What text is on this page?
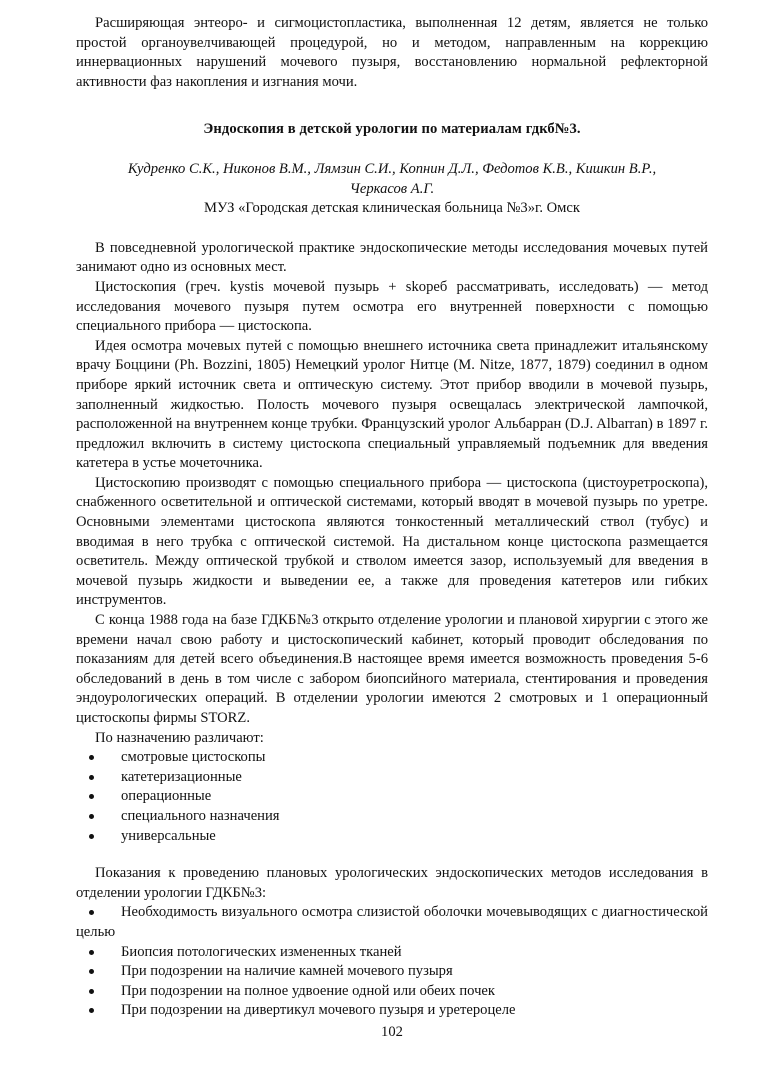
Расширяющая энтеоро- и сигмоцистопластика, выполненная 12 детям, является не только простой органоувелчивающей процедурой, но и методом, направленным на коррекцию иннервационных нарушений мочевого пузыря, восстановлению нормальной рефлекторной активности фаз накопления и изгнания мочи.

Эндоскопия в детской урологии по материалам гдкб№3.
Кудренко С.К., Никонов В.М., Лямзин С.И., Копнин Д.Л., Федотов К.В., Кишкин В.Р.,
Черкасов А.Г.
МУЗ «Городская детская клиническая больница №3»г. Омск

В повседневной урологической практике эндоскопические методы исследования мочевых путей занимают одно из основных мест.

Цистоскопия (греч. kystis мочевой пузырь + skopeб рассматривать, исследовать) — метод исследования мочевого пузыря путем осмотра его внутренней поверхности с помощью специального прибора — цистоскопа.

Идея осмотра мочевых путей с помощью внешнего источника света принадлежит итальянскому врачу Боццини (Ph. Bozzini, 1805) Немецкий уролог Нитце (M. Nitze, 1877, 1879) соединил в одном приборе яркий источник света и оптическую систему. Этот прибор вводили в мочевой пузырь, заполненный жидкостью. Полость мочевого пузыря освещалась электрической лампочкой, расположенной на внутреннем конце трубки. Французский уролог Альбарран (D.J. Albarran) в 1897 г. предложил включить в систему цистоскопа специальный управляемый подъемник для введения катетера в устье мочеточника.

Цистоскопию производят с помощью специального прибора — цистоскопа (цистоуретроскопа), снабженного осветительной и оптической системами, который вводят в мочевой пузырь по уретре. Основными элементами цистоскопа являются тонкостенный металлический ствол (тубус) и вводимая в него трубка с оптической системой. На дистальном конце цистоскопа размещается осветитель. Между оптической трубкой и стволом имеется зазор, используемый для введения в мочевой пузырь жидкости и выведении ее, а также для проведения катетеров или гибких инструментов.

С конца 1988 года на базе ГДКБ№3 открыто отделение урологии и плановой хирургии с этого же времени начал свою работу и цистоскопический кабинет, который проводит обследования по показаниям для детей всего объединения.В настоящее время имеется возможность проведения 5-6 обследований в день в том числе с забором биопсийного материала, стентирования и проведения эндоурологических операций. В отделении урологии имеются 2 смотровых и 1 операционный цистоскопы фирмы STORZ.

По назначению различают:

смотровые цистоскопы
катетеризационные
операционные
специального назначения
универсальные

Показания к проведению плановых урологических эндоскопических методов исследования в отделении урологии ГДКБ№3:

Необходимость визуального осмотра слизистой оболочки мочевыводящих с диагностической целью
Биопсия потологических измененных тканей
При подозрении на наличие камней мочевого пузыря
При подозрении на полное удвоение одной или обеих почек
При подозрении на дивертикул мочевого пузыря и уретероцеле
102
